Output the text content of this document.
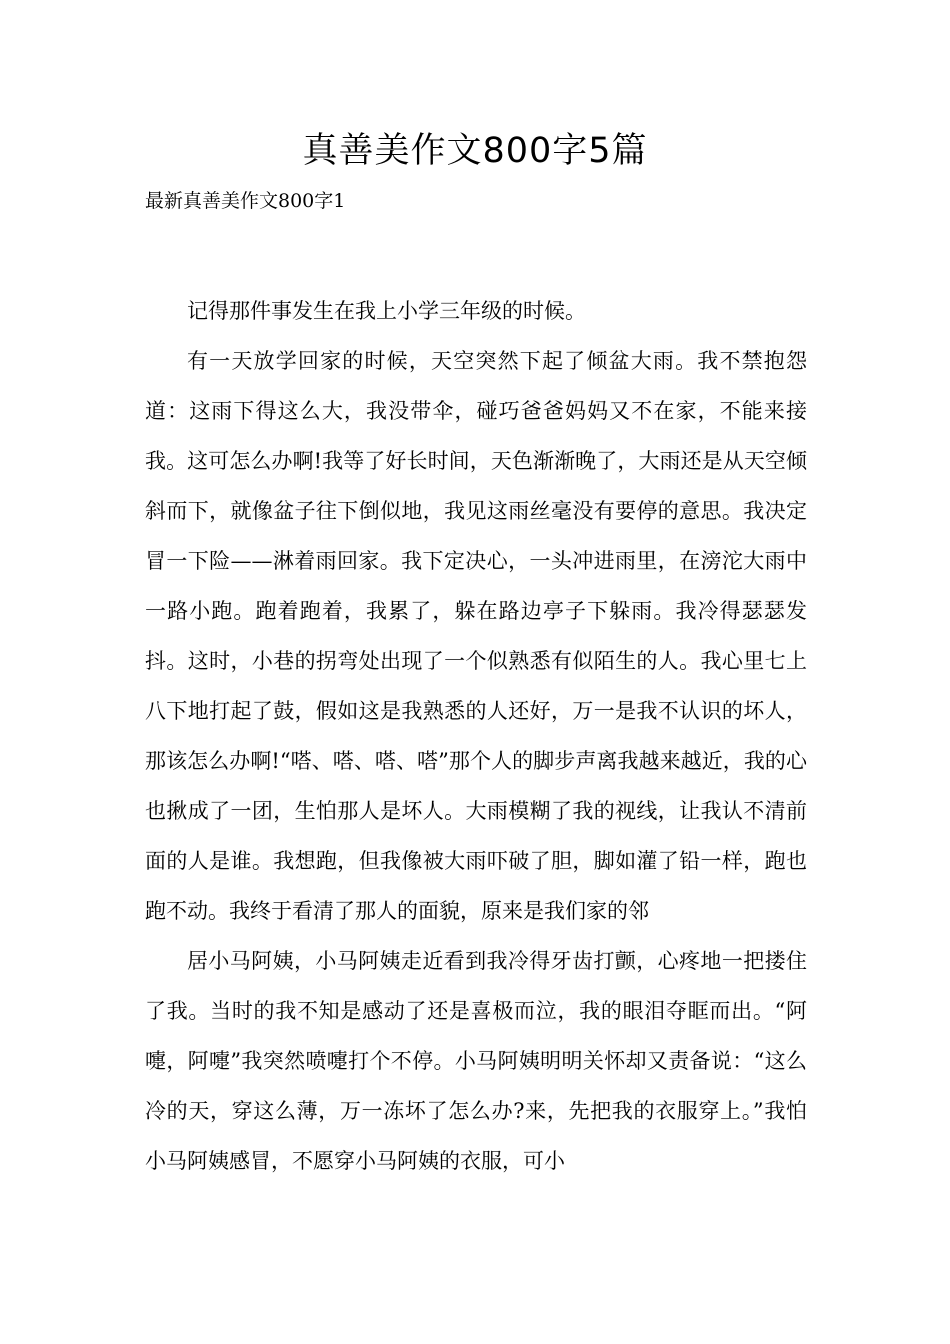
真善美作文800字5篇
最新真善美作文800字1

记得那件事发生在我上小学三年级的时候。

有一天放学回家的时候，天空突然下起了倾盆大雨。我不禁抱怨道：这雨下得这么大，我没带伞，碰巧爸爸妈妈又不在家，不能来接我。这可怎么办啊!我等了好长时间，天色渐渐晚了，大雨还是从天空倾斜而下，就像盆子往下倒似地，我见这雨丝毫没有要停的意思。我决定冒一下险——淋着雨回家。我下定决心，一头冲进雨里，在滂沱大雨中一路小跑。跑着跑着，我累了，躲在路边亭子下躲雨。我冷得瑟瑟发抖。这时，小巷的拐弯处出现了一个似熟悉有似陌生的人。我心里七上八下地打起了鼓，假如这是我熟悉的人还好，万一是我不认识的坏人，那该怎么办啊!“嗒、嗒、嗒、嗒”那个人的脚步声离我越来越近，我的心也揪成了一团，生怕那人是坏人。大雨模糊了我的视线，让我认不清前面的人是谁。我想跑，但我像被大雨吓破了胆，脚如灌了铅一样，跑也跑不动。我终于看清了那人的面貌，原来是我们家的邻

居小马阿姨，小马阿姨走近看到我冷得牙齿打颤，心疼地一把搂住了我。当时的我不知是感动了还是喜极而泣，我的眼泪夺眶而出。“阿嚏，阿嚏”我突然喷嚏打个不停。小马阿姨明明关怀却又责备说：“这么冷的天，穿这么薄，万一冻坏了怎么办?来，先把我的衣服穿上。”我怕小马阿姨感冒，不愿穿小马阿姨的衣服，可小
